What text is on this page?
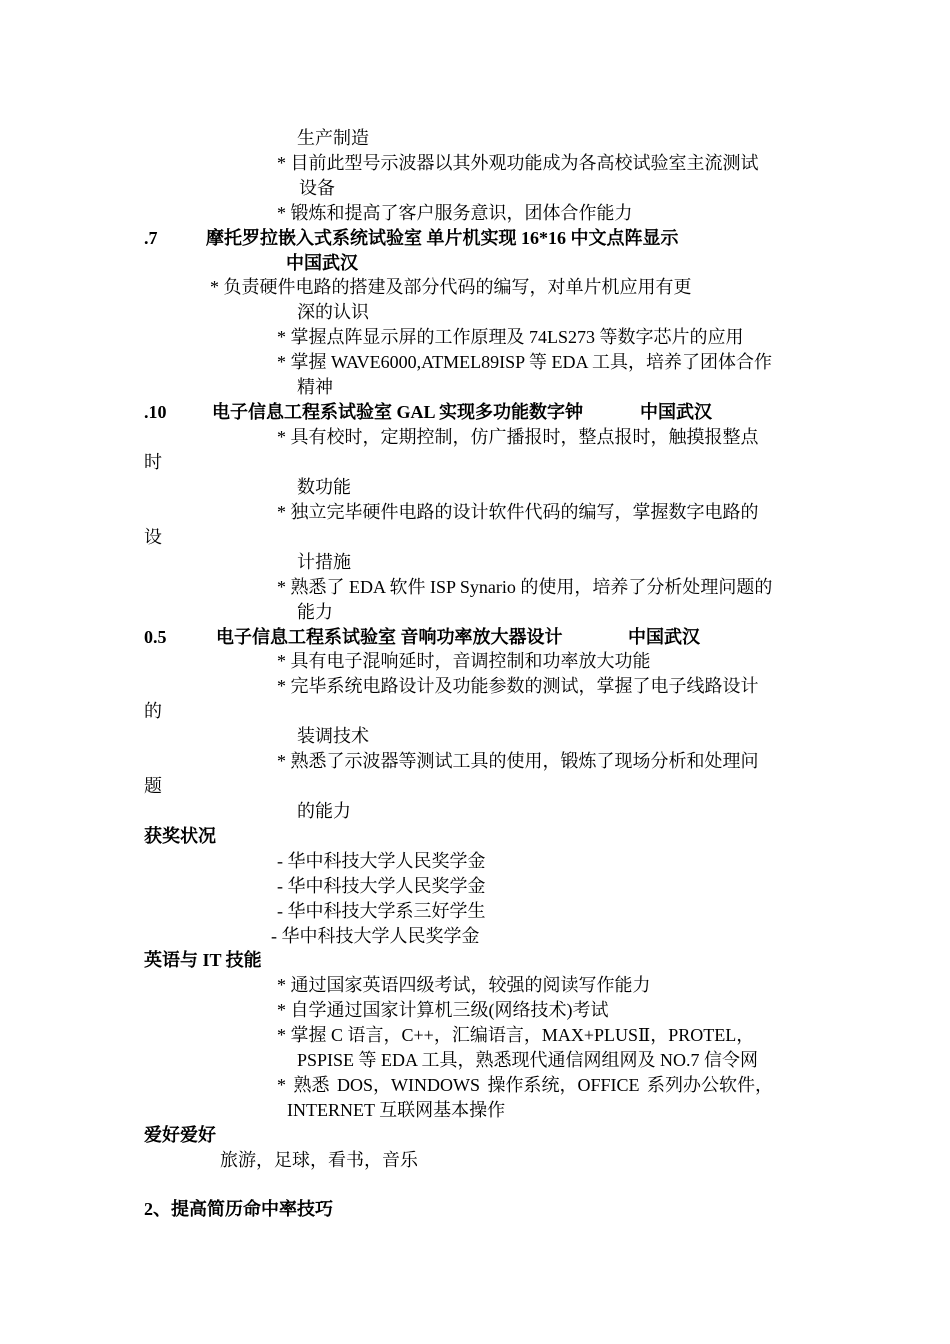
生产制造
* 目前此型号示波器以其外观功能成为各高校试验室主流测试
设备
* 锻炼和提高了客户服务意识，团体合作能力
.7	摩托罗拉嵌入式系统试验室 单片机实现 16*16 中文点阵显示
中国武汉
* 负责硬件电路的搭建及部分代码的编写，对单片机应用有更
深的认识
* 掌握点阵显示屏的工作原理及 74LS273 等数字芯片的应用
* 掌握 WAVE6000,ATMEL89ISP 等 EDA 工具，培养了团体合作
精神
.10	电子信息工程系试验室 GAL 实现多功能数字钟	中国武汉
* 具有校时，定期控制，仿广播报时，整点报时，触摸报整点
时
数功能
* 独立完毕硬件电路的设计软件代码的编写，掌握数字电路的
设
计措施
* 熟悉了 EDA 软件 ISP Synario 的使用，培养了分析处理问题的
能力
0.5	电子信息工程系试验室 音响功率放大器设计	中国武汉
* 具有电子混响延时，音调控制和功率放大功能
* 完毕系统电路设计及功能参数的测试，掌握了电子线路设计
的
装调技术
* 熟悉了示波器等测试工具的使用，锻炼了现场分析和处理问
题
的能力
获奖状况
- 华中科技大学人民奖学金
- 华中科技大学人民奖学金
- 华中科技大学系三好学生
- 华中科技大学人民奖学金
英语与 IT 技能
* 通过国家英语四级考试，较强的阅读写作能力
* 自学通过国家计算机三级(网络技术)考试
* 掌握 C 语言，C++，汇编语言，MAX+PLUSⅡ，PROTEL，
PSPISE 等 EDA 工具，熟悉现代通信网组网及 NO.7 信令网
* 熟悉 DOS，WINDOWS 操作系统，OFFICE 系列办公软件，
INTERNET 互联网基本操作
爱好爱好
旅游，足球，看书，音乐
2、提高简历命中率技巧
